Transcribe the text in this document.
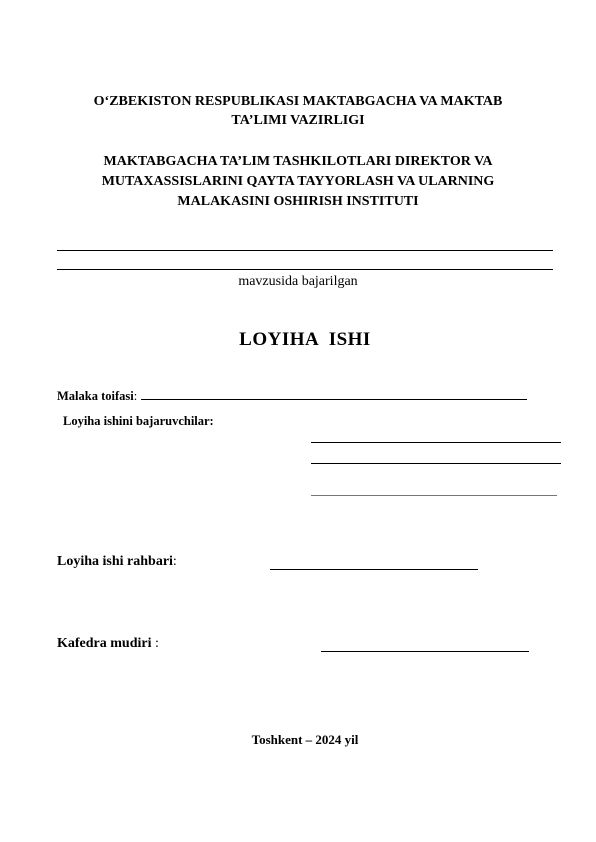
O‘ZBEKISTON RESPUBLIKASI MAKTABGACHA VA MAKTAB
TA’LIMI VAZIRLIGI
MAKTABGACHA TA’LIM TASHKILOTLARI DIREKTOR VA
MUTAXASSISLARINI QAYTA TAYYORLASH VA ULARNING
MALAKASINI OSHIRISH INSTITUTI
mavzusida bajarilgan
LOYIHA  ISHI
Malaka toifasi:
Loyiha ishini bajaruvchilar:
Loyiha ishi rahbari:
Kafedra mudiri :
Toshkent – 2024 yil
